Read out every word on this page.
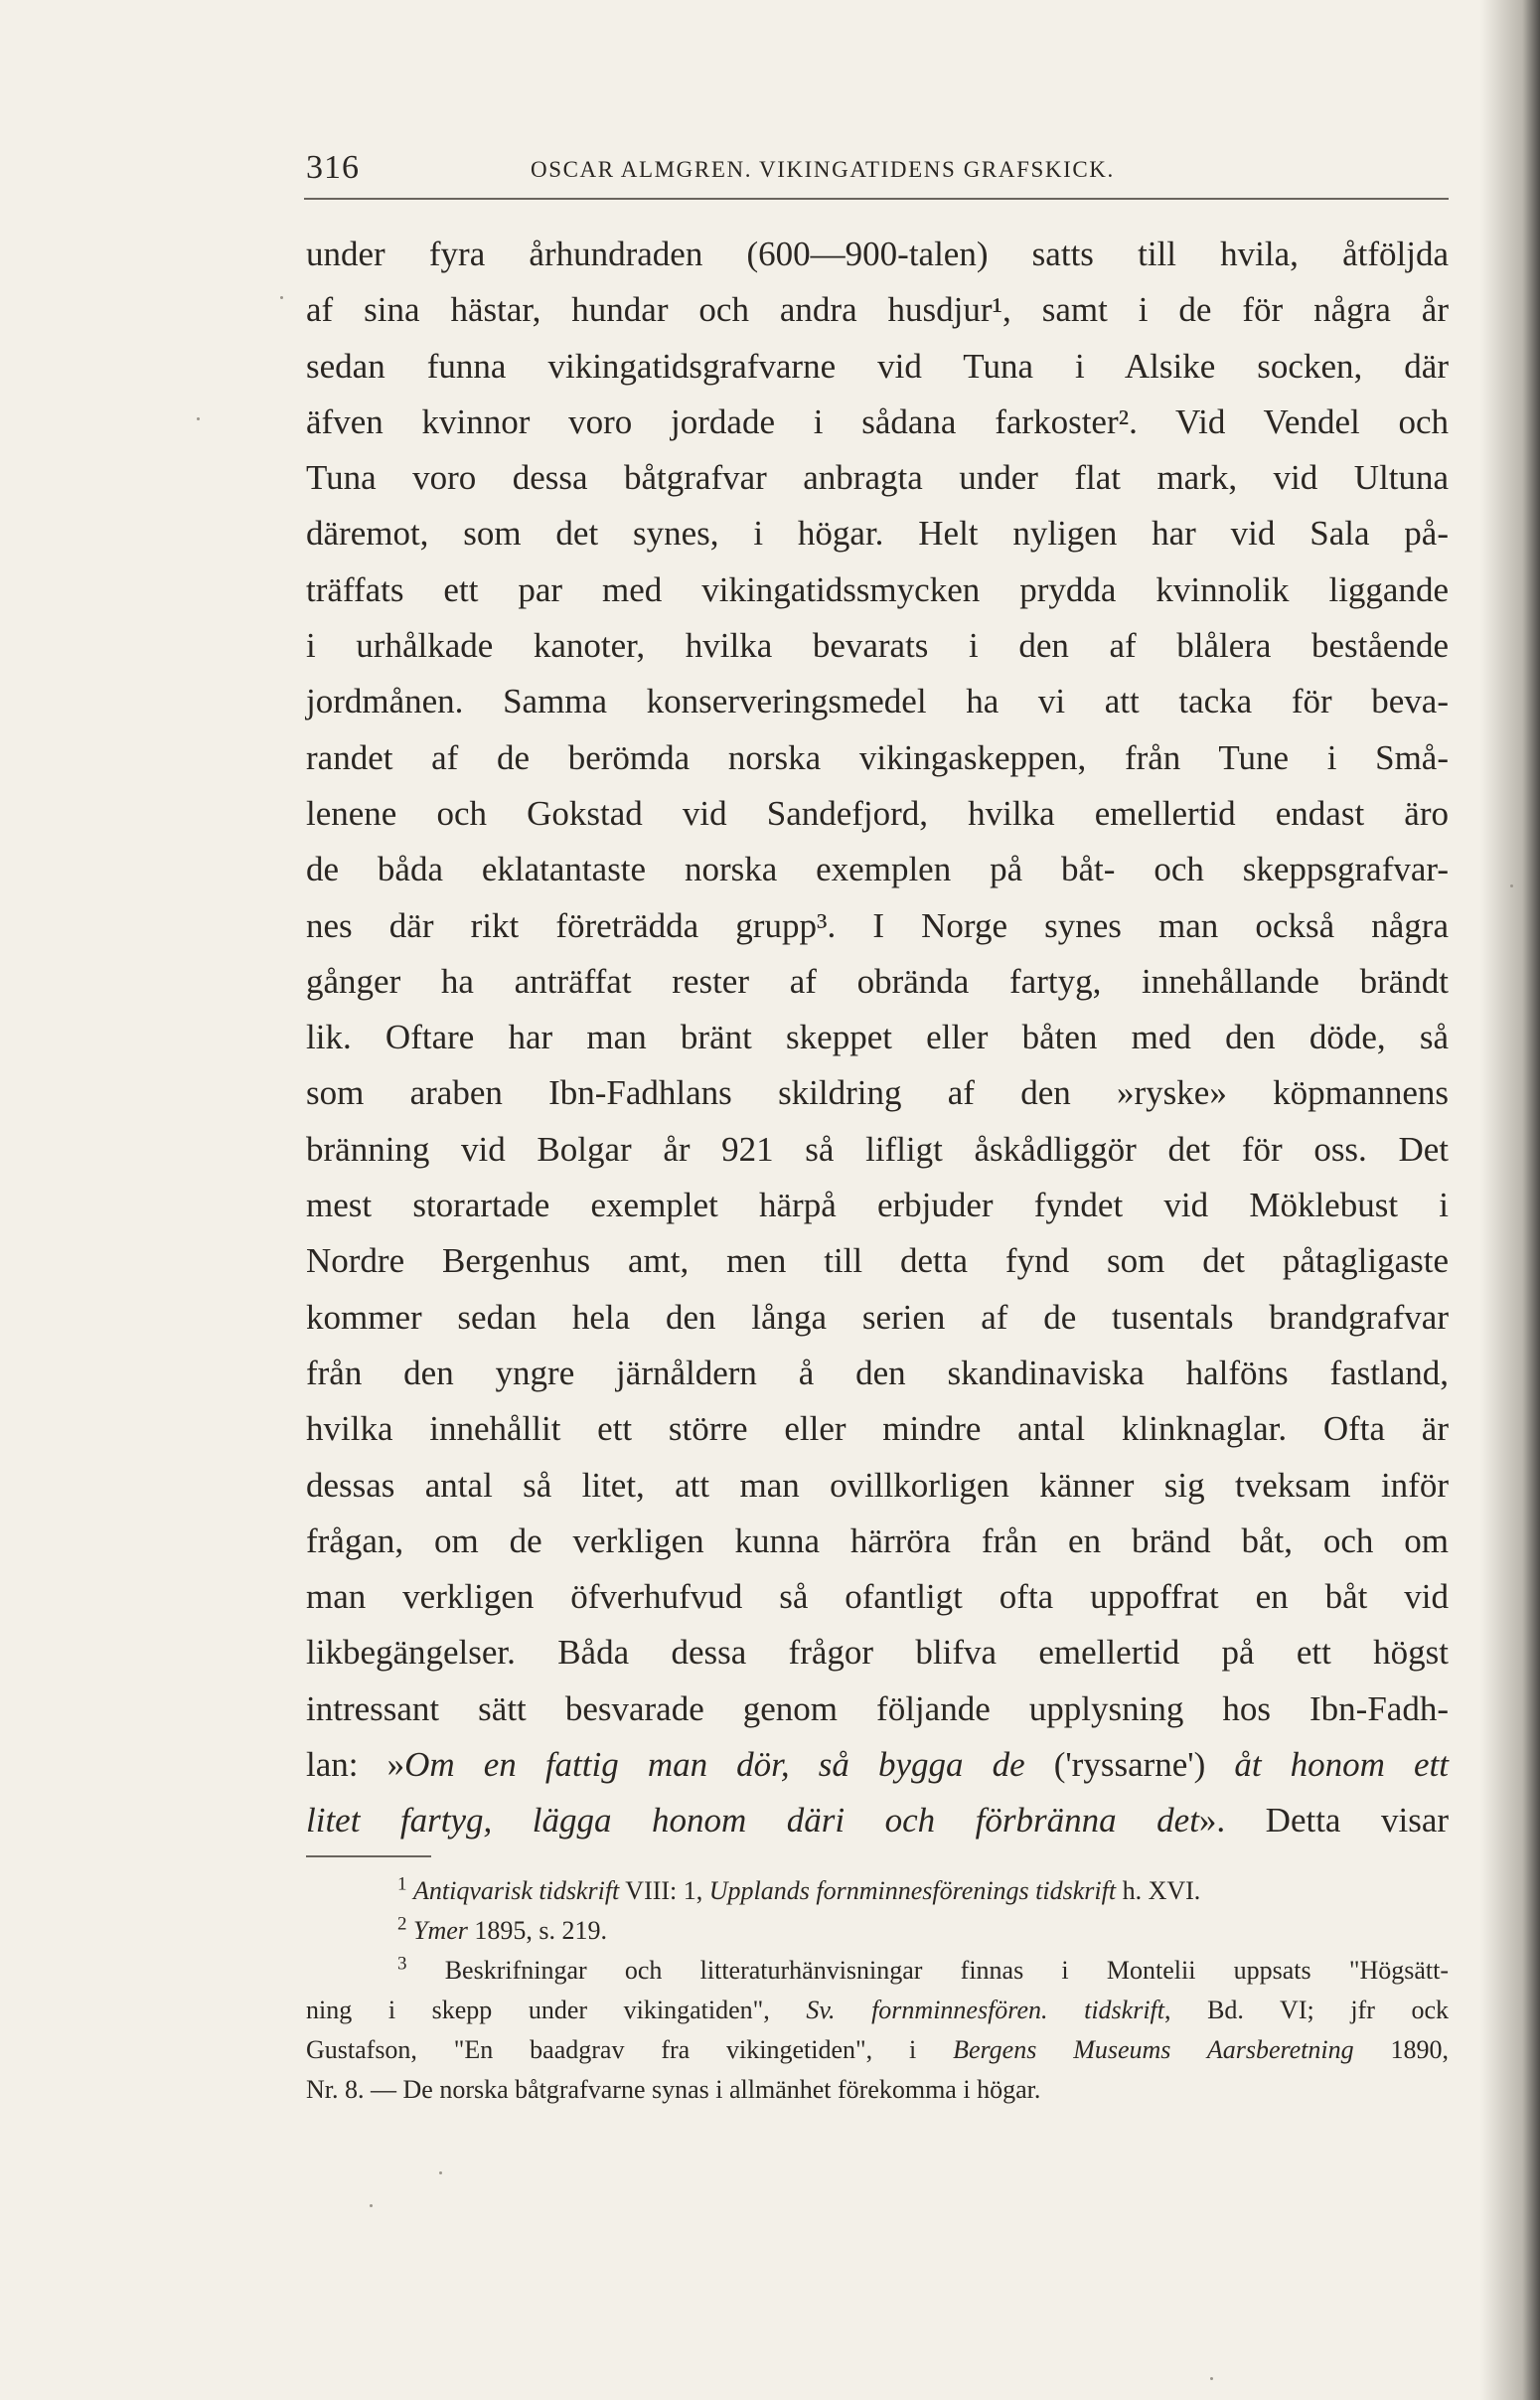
316	OSCAR ALMGREN. VIKINGATIDENS GRAFSKICK.
under fyra århundraden (600—900-talen) satts till hvila, åtföljda
af sina hästar, hundar och andra husdjur¹, samt i de för några år
sedan funna vikingatidsgrafvarne vid Tuna i Alsike socken, där
äfven kvinnor voro jordade i sådana farkoster². Vid Vendel och
Tuna voro dessa båtgrafvar anbragta under flat mark, vid Ultuna
däremot, som det synes, i högar. Helt nyligen har vid Sala på-
träffats ett par med vikingatidssmycken prydda kvinnolik liggande
i urhålkade kanoter, hvilka bevarats i den af blålera bestående
jordmånen. Samma konserveringsmedel ha vi att tacka för beva-
randet af de berömda norska vikingaskeppen, från Tune i Små-
lenene och Gokstad vid Sandefjord, hvilka emellertid endast äro
de båda eklatantaste norska exemplen på båt- och skeppsgrafvar-
nes där rikt företrädda grupp³. I Norge synes man också några
gånger ha anträffat rester af obrända fartyg, innehållande brändt
lik. Oftare har man bränt skeppet eller båten med den döde, så
som araben Ibn-Fadhlans skildring af den »ryske» köpmannens
bränning vid Bolgar år 921 så lifligt åskådliggör det för oss. Det
mest storartade exemplet härpå erbjuder fyndet vid Möklebust i
Nordre Bergenhus amt, men till detta fynd som det påtagligaste
kommer sedan hela den långa serien af de tusentals brandgrafvar
från den yngre järnåldern å den skandinaviska halföns fastland,
hvilka innehållit ett större eller mindre antal klinknaglar. Ofta är
dessas antal så litet, att man ovillkorligen känner sig tveksam inför
frågan, om de verkligen kunna härröra från en bränd båt, och om
man verkligen öfverhufvud så ofantligt ofta uppoffrat en båt vid
likbegängelser. Båda dessa frågor blifva emellertid på ett högst
intressant sätt besvarade genom följande upplysning hos Ibn-Fadh-
lan: »Om en fattig man dör, så bygga de ('ryssarne') åt honom ett
litet fartyg, lägga honom däri och förbränna det». Detta visar
$^1$ Antiqvarisk tidskrift VIII: 1, Upplands fornminnesförenings tidskrift h. XVI.
$^2$ Ymer 1895, s. 219.
$^3$ Beskrifningar och litteraturhänvisningar finnas i Montelii uppsats "Högsätt-
ning i skepp under vikingatiden", Sv. fornminnesfören. tidskrift, Bd. VI; jfr ock
Gustafson, "En baadgrav fra vikingetiden", i Bergens Museums Aarsberetning 1890,
Nr. 8. — De norska båtgrafvarne synas i allmänhet förekomma i högar.
